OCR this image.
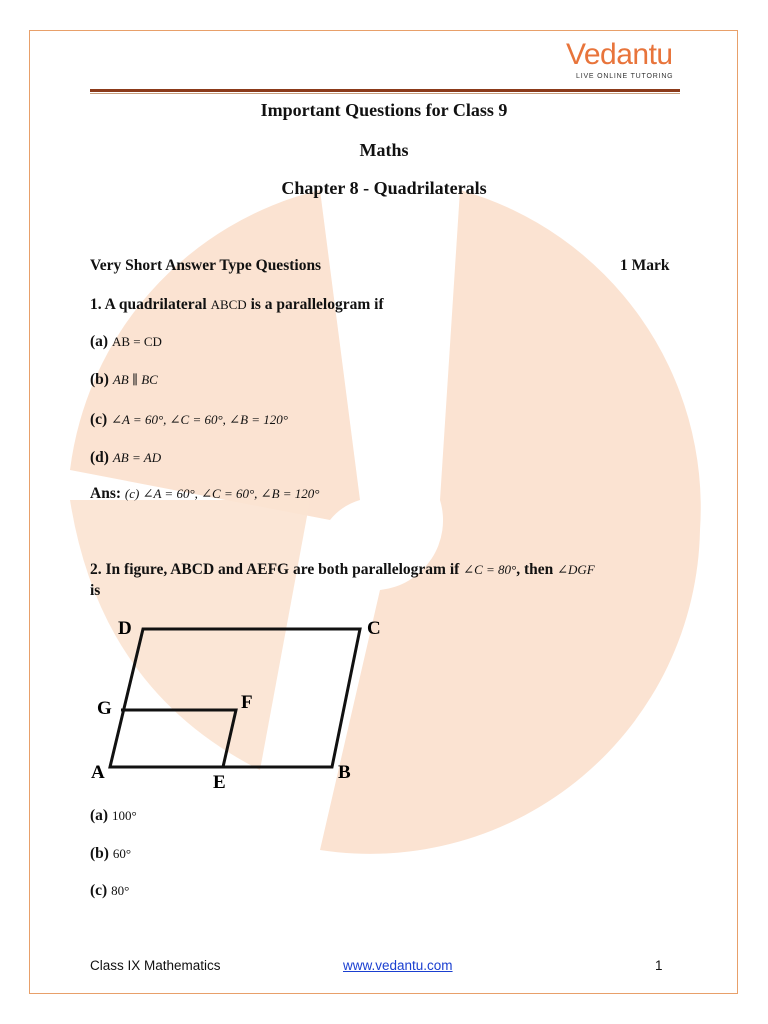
Vedantu
LIVE ONLINE TUTORING
Important Questions for Class 9
Maths
Chapter 8 - Quadrilaterals
Very Short Answer Type Questions	1 Mark
1. A quadrilateral ABCD is a parallelogram if
(a) AB = CD
(b) AB ∥ BC
(c) ∠A = 60°, ∠C = 60°, ∠B = 120°
(d) AB = AD
Ans: (c) ∠A = 60°, ∠C = 60°, ∠B = 120°
2. In figure, ABCD and AEFG are both parallelogram if ∠C = 80°, then ∠DGF
is
D	C
G	F
A	E	B
(a) 100°
(b) 60°
(c) 80°
Class IX Mathematics	www.vedantu.com	1
